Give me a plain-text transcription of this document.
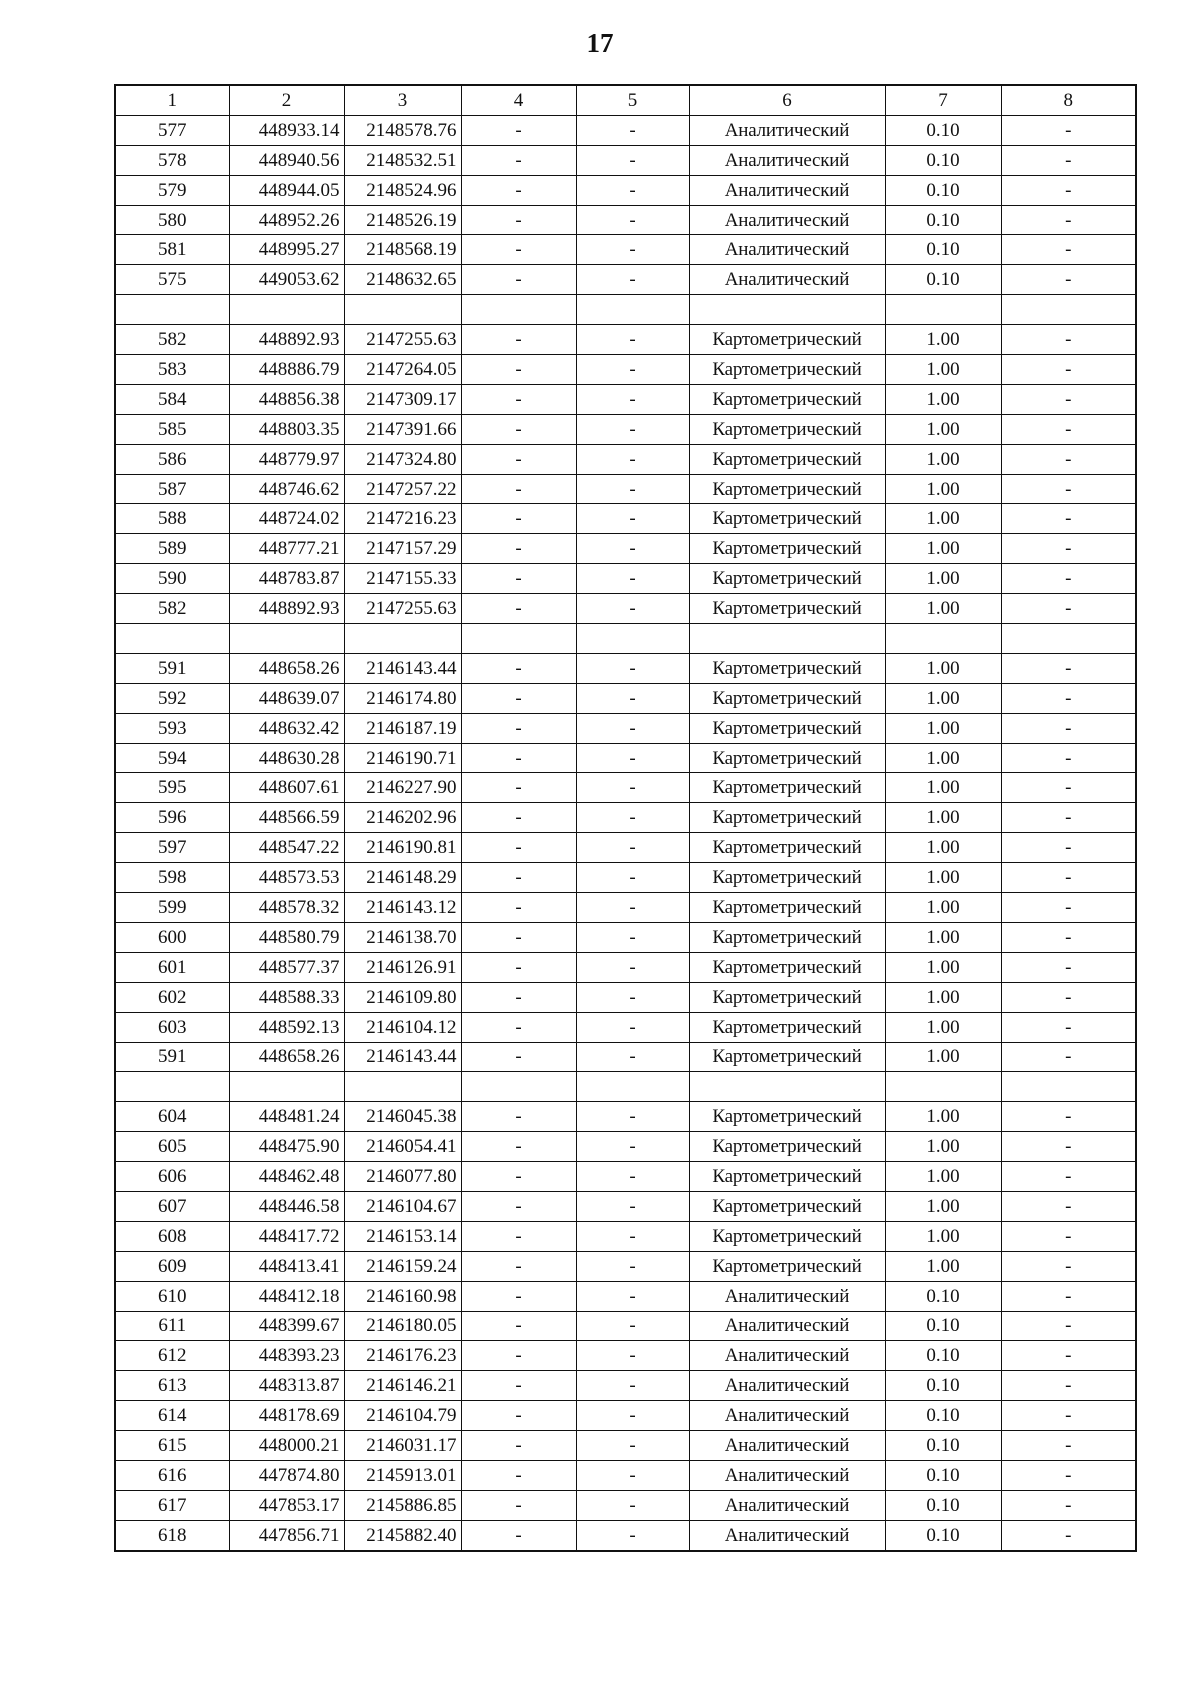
17
1	2	3	4	5	6	7	8
577	448933.14	2148578.76	-	-	Аналитический	0.10	-
578	448940.56	2148532.51	-	-	Аналитический	0.10	-
579	448944.05	2148524.96	-	-	Аналитический	0.10	-
580	448952.26	2148526.19	-	-	Аналитический	0.10	-
581	448995.27	2148568.19	-	-	Аналитический	0.10	-
575	449053.62	2148632.65	-	-	Аналитический	0.10	-

582	448892.93	2147255.63	-	-	Картометрический	1.00	-
583	448886.79	2147264.05	-	-	Картометрический	1.00	-
584	448856.38	2147309.17	-	-	Картометрический	1.00	-
585	448803.35	2147391.66	-	-	Картометрический	1.00	-
586	448779.97	2147324.80	-	-	Картометрический	1.00	-
587	448746.62	2147257.22	-	-	Картометрический	1.00	-
588	448724.02	2147216.23	-	-	Картометрический	1.00	-
589	448777.21	2147157.29	-	-	Картометрический	1.00	-
590	448783.87	2147155.33	-	-	Картометрический	1.00	-
582	448892.93	2147255.63	-	-	Картометрический	1.00	-

591	448658.26	2146143.44	-	-	Картометрический	1.00	-
592	448639.07	2146174.80	-	-	Картометрический	1.00	-
593	448632.42	2146187.19	-	-	Картометрический	1.00	-
594	448630.28	2146190.71	-	-	Картометрический	1.00	-
595	448607.61	2146227.90	-	-	Картометрический	1.00	-
596	448566.59	2146202.96	-	-	Картометрический	1.00	-
597	448547.22	2146190.81	-	-	Картометрический	1.00	-
598	448573.53	2146148.29	-	-	Картометрический	1.00	-
599	448578.32	2146143.12	-	-	Картометрический	1.00	-
600	448580.79	2146138.70	-	-	Картометрический	1.00	-
601	448577.37	2146126.91	-	-	Картометрический	1.00	-
602	448588.33	2146109.80	-	-	Картометрический	1.00	-
603	448592.13	2146104.12	-	-	Картометрический	1.00	-
591	448658.26	2146143.44	-	-	Картометрический	1.00	-

604	448481.24	2146045.38	-	-	Картометрический	1.00	-
605	448475.90	2146054.41	-	-	Картометрический	1.00	-
606	448462.48	2146077.80	-	-	Картометрический	1.00	-
607	448446.58	2146104.67	-	-	Картометрический	1.00	-
608	448417.72	2146153.14	-	-	Картометрический	1.00	-
609	448413.41	2146159.24	-	-	Картометрический	1.00	-
610	448412.18	2146160.98	-	-	Аналитический	0.10	-
611	448399.67	2146180.05	-	-	Аналитический	0.10	-
612	448393.23	2146176.23	-	-	Аналитический	0.10	-
613	448313.87	2146146.21	-	-	Аналитический	0.10	-
614	448178.69	2146104.79	-	-	Аналитический	0.10	-
615	448000.21	2146031.17	-	-	Аналитический	0.10	-
616	447874.80	2145913.01	-	-	Аналитический	0.10	-
617	447853.17	2145886.85	-	-	Аналитический	0.10	-
618	447856.71	2145882.40	-	-	Аналитический	0.10	-
